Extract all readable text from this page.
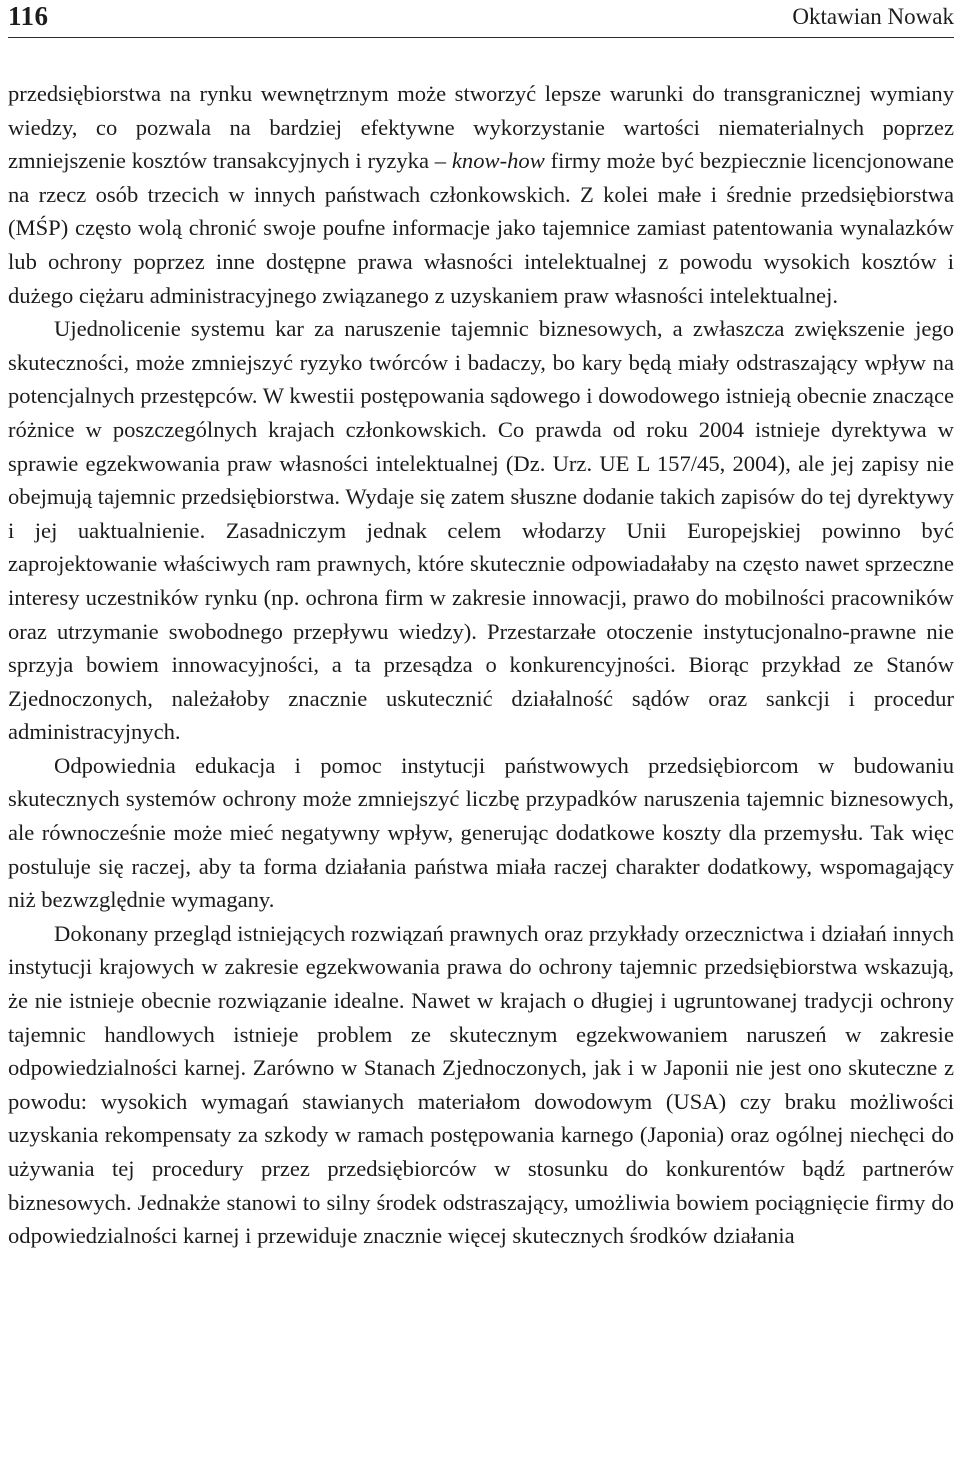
116	Oktawian Nowak

przedsiębiorstwa na rynku wewnętrznym może stworzyć lepsze warunki do transgranicznej wymiany wiedzy, co pozwala na bardziej efektywne wykorzystanie wartości niematerialnych poprzez zmniejszenie kosztów transakcyjnych i ryzyka – know-how firmy może być bezpiecznie licencjonowane na rzecz osób trzecich w innych państwach członkowskich. Z kolei małe i średnie przedsiębiorstwa (MŚP) często wolą chronić swoje poufne informacje jako tajemnice zamiast patentowania wynalazków lub ochrony poprzez inne dostępne prawa własności intelektualnej z powodu wysokich kosztów i dużego ciężaru administracyjnego związanego z uzyskaniem praw własności intelektualnej.

Ujednolicenie systemu kar za naruszenie tajemnic biznesowych, a zwłaszcza zwiększenie jego skuteczności, może zmniejszyć ryzyko twórców i badaczy, bo kary będą miały odstraszający wpływ na potencjalnych przestępców. W kwestii postępowania sądowego i dowodowego istnieją obecnie znaczące różnice w poszczególnych krajach członkowskich. Co prawda od roku 2004 istnieje dyrektywa w sprawie egzekwowania praw własności intelektualnej (Dz. Urz. UE L 157/45, 2004), ale jej zapisy nie obejmują tajemnic przedsiębiorstwa. Wydaje się zatem słuszne dodanie takich zapisów do tej dyrektywy i jej uaktualnienie. Zasadniczym jednak celem włodarzy Unii Europejskiej powinno być zaprojektowanie właściwych ram prawnych, które skutecznie odpowiadałaby na często nawet sprzeczne interesy uczestników rynku (np. ochrona firm w zakresie innowacji, prawo do mobilności pracowników oraz utrzymanie swobodnego przepływu wiedzy). Przestarzałe otoczenie instytucjonalno-prawne nie sprzyja bowiem innowacyjności, a ta przesądza o konkurencyjności. Biorąc przykład ze Stanów Zjednoczonych, należałoby znacznie uskutecznić działalność sądów oraz sankcji i procedur administracyjnych.

Odpowiednia edukacja i pomoc instytucji państwowych przedsiębiorcom w budowaniu skutecznych systemów ochrony może zmniejszyć liczbę przypadków naruszenia tajemnic biznesowych, ale równocześnie może mieć negatywny wpływ, generując dodatkowe koszty dla przemysłu. Tak więc postuluje się raczej, aby ta forma działania państwa miała raczej charakter dodatkowy, wspomagający niż bezwzględnie wymagany.

Dokonany przegląd istniejących rozwiązań prawnych oraz przykłady orzecznictwa i działań innych instytucji krajowych w zakresie egzekwowania prawa do ochrony tajemnic przedsiębiorstwa wskazują, że nie istnieje obecnie rozwiązanie idealne. Nawet w krajach o długiej i ugruntowanej tradycji ochrony tajemnic handlowych istnieje problem ze skutecznym egzekwowaniem naruszeń w zakresie odpowiedzialności karnej. Zarówno w Stanach Zjednoczonych, jak i w Japonii nie jest ono skuteczne z powodu: wysokich wymagań stawianych materiałom dowodowym (USA) czy braku możliwości uzyskania rekompensaty za szkody w ramach postępowania karnego (Japonia) oraz ogólnej niechęci do używania tej procedury przez przedsiębiorców w stosunku do konkurentów bądź partnerów biznesowych. Jednakże stanowi to silny środek odstraszający, umożliwia bowiem pociągnięcie firmy do odpowiedzialności karnej i przewiduje znacznie więcej skutecznych środków działania
